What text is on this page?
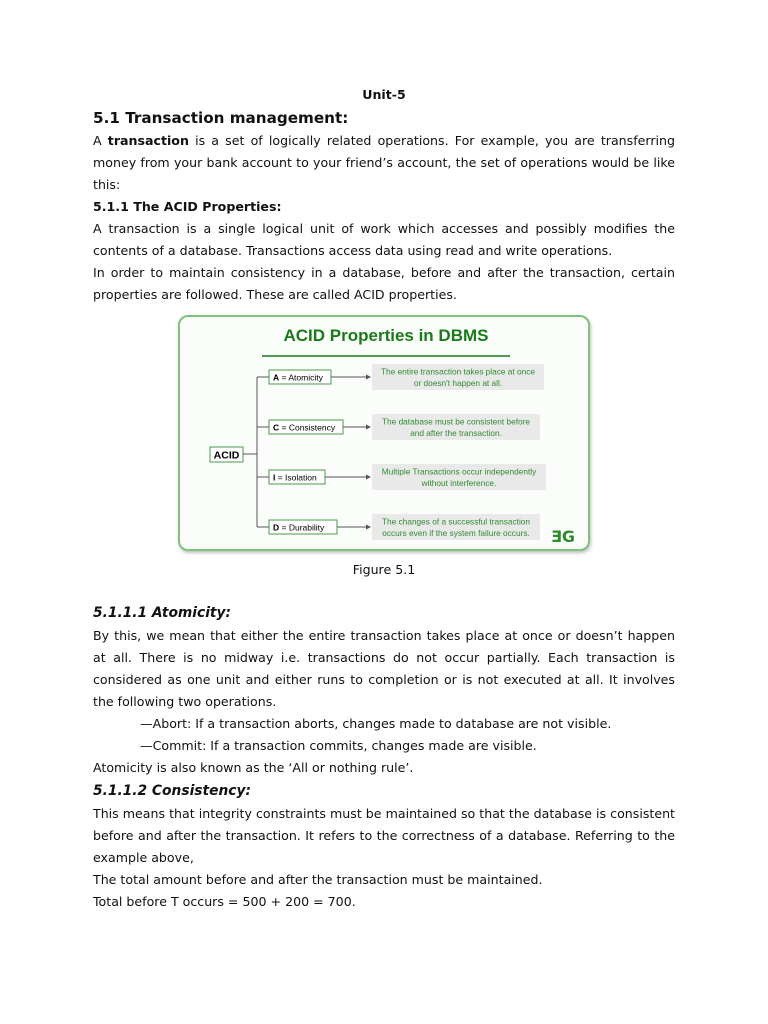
Unit-5

5.1 Transaction management:

A transaction is a set of logically related operations. For example, you are transferring money from your bank account to your friend’s account, the set of operations would be like this:

5.1.1 The ACID Properties:

A transaction is a single logical unit of work which accesses and possibly modifies the contents of a database. Transactions access data using read and write operations.

In order to maintain consistency in a database, before and after the transaction, certain properties are followed. These are called ACID properties.

ACID Properties in DBMS
ACID
A = Atomicity
The entire transaction takes place at once
or doesn't happen at all.
C = Consistency
The database must be consistent before
and after the transaction.
I = Isolation
Multiple Transactions occur independently
without interference.
D = Durability
The changes of a successful transaction
occurs even if the system failure occurs. ƎG

Figure 5.1

5.1.1.1 Atomicity:

By this, we mean that either the entire transaction takes place at once or doesn’t happen at all. There is no midway i.e. transactions do not occur partially. Each transaction is considered as one unit and either runs to completion or is not executed at all. It involves the following two operations.

—Abort: If a transaction aborts, changes made to database are not visible.

—Commit: If a transaction commits, changes made are visible.

Atomicity is also known as the ‘All or nothing rule’.

5.1.1.2 Consistency:

This means that integrity constraints must be maintained so that the database is consistent before and after the transaction. It refers to the correctness of a database. Referring to the example above,

The total amount before and after the transaction must be maintained.

Total before T occurs = 500 + 200 = 700.
